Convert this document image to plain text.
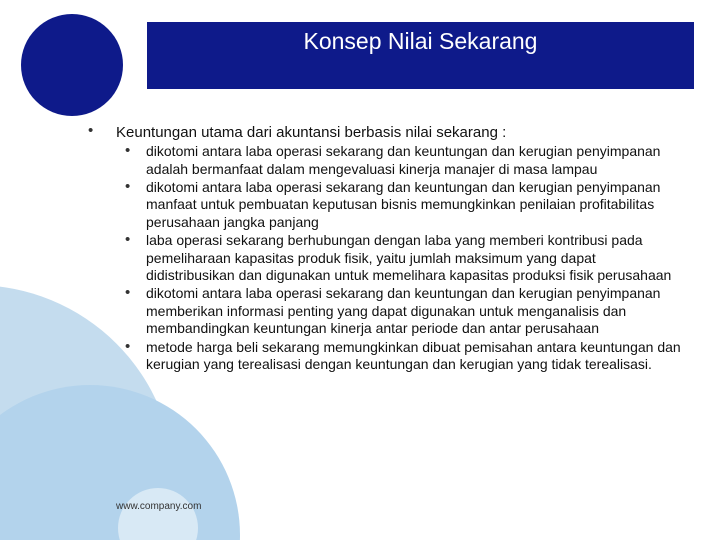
Konsep Nilai Sekarang
• Keuntungan utama dari akuntansi berbasis nilai sekarang :

• dikotomi antara laba operasi sekarang dan keuntungan dan kerugian penyimpanan adalah bermanfaat dalam mengevaluasi kinerja manajer di masa lampau
• dikotomi antara laba operasi sekarang dan keuntungan dan kerugian penyimpanan manfaat untuk pembuatan keputusan bisnis memungkinkan penilaian profitabilitas perusahaan jangka panjang
• laba operasi sekarang berhubungan dengan laba yang memberi kontribusi pada pemeliharaan kapasitas produk fisik, yaitu jumlah maksimum yang dapat didistribusikan dan digunakan untuk memelihara kapasitas produksi fisik perusahaan
• dikotomi antara laba operasi sekarang dan keuntungan dan kerugian penyimpanan memberikan informasi penting yang dapat digunakan untuk menganalisis dan membandingkan keuntungan kinerja antar periode dan antar perusahaan
• metode harga beli sekarang memungkinkan dibuat pemisahan antara keuntungan dan kerugian yang terealisasi dengan keuntungan dan kerugian yang tidak terealisasi.
www.company.com
